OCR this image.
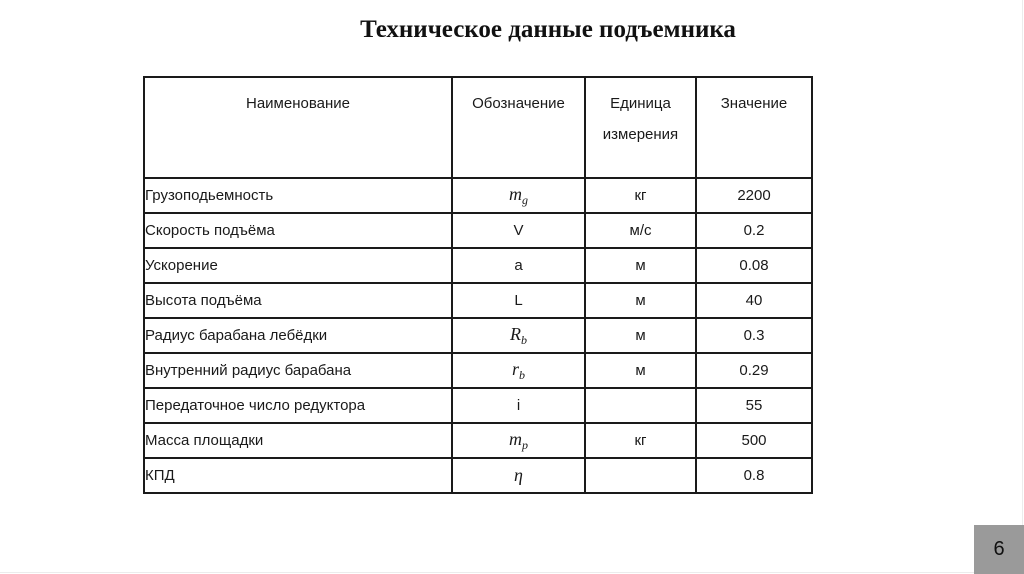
Техническое данные подъемника
Наименование	Обозначение	Единица измерения	Значение

Грузоподьемность	$m_g$	кг	2200
Скорость подъёма	V	м/с	0.2
Ускорение	a	м	0.08
Высота подъёма	L	м	40
Радиус барабана лебёдки	$R_b$	м	0.3
Внутренний радиус барабана	$r_b$	м	0.29
Передаточное число редуктора	i		55
Масса площадки	$m_p$	кг	500
КПД	η		0.8
6
